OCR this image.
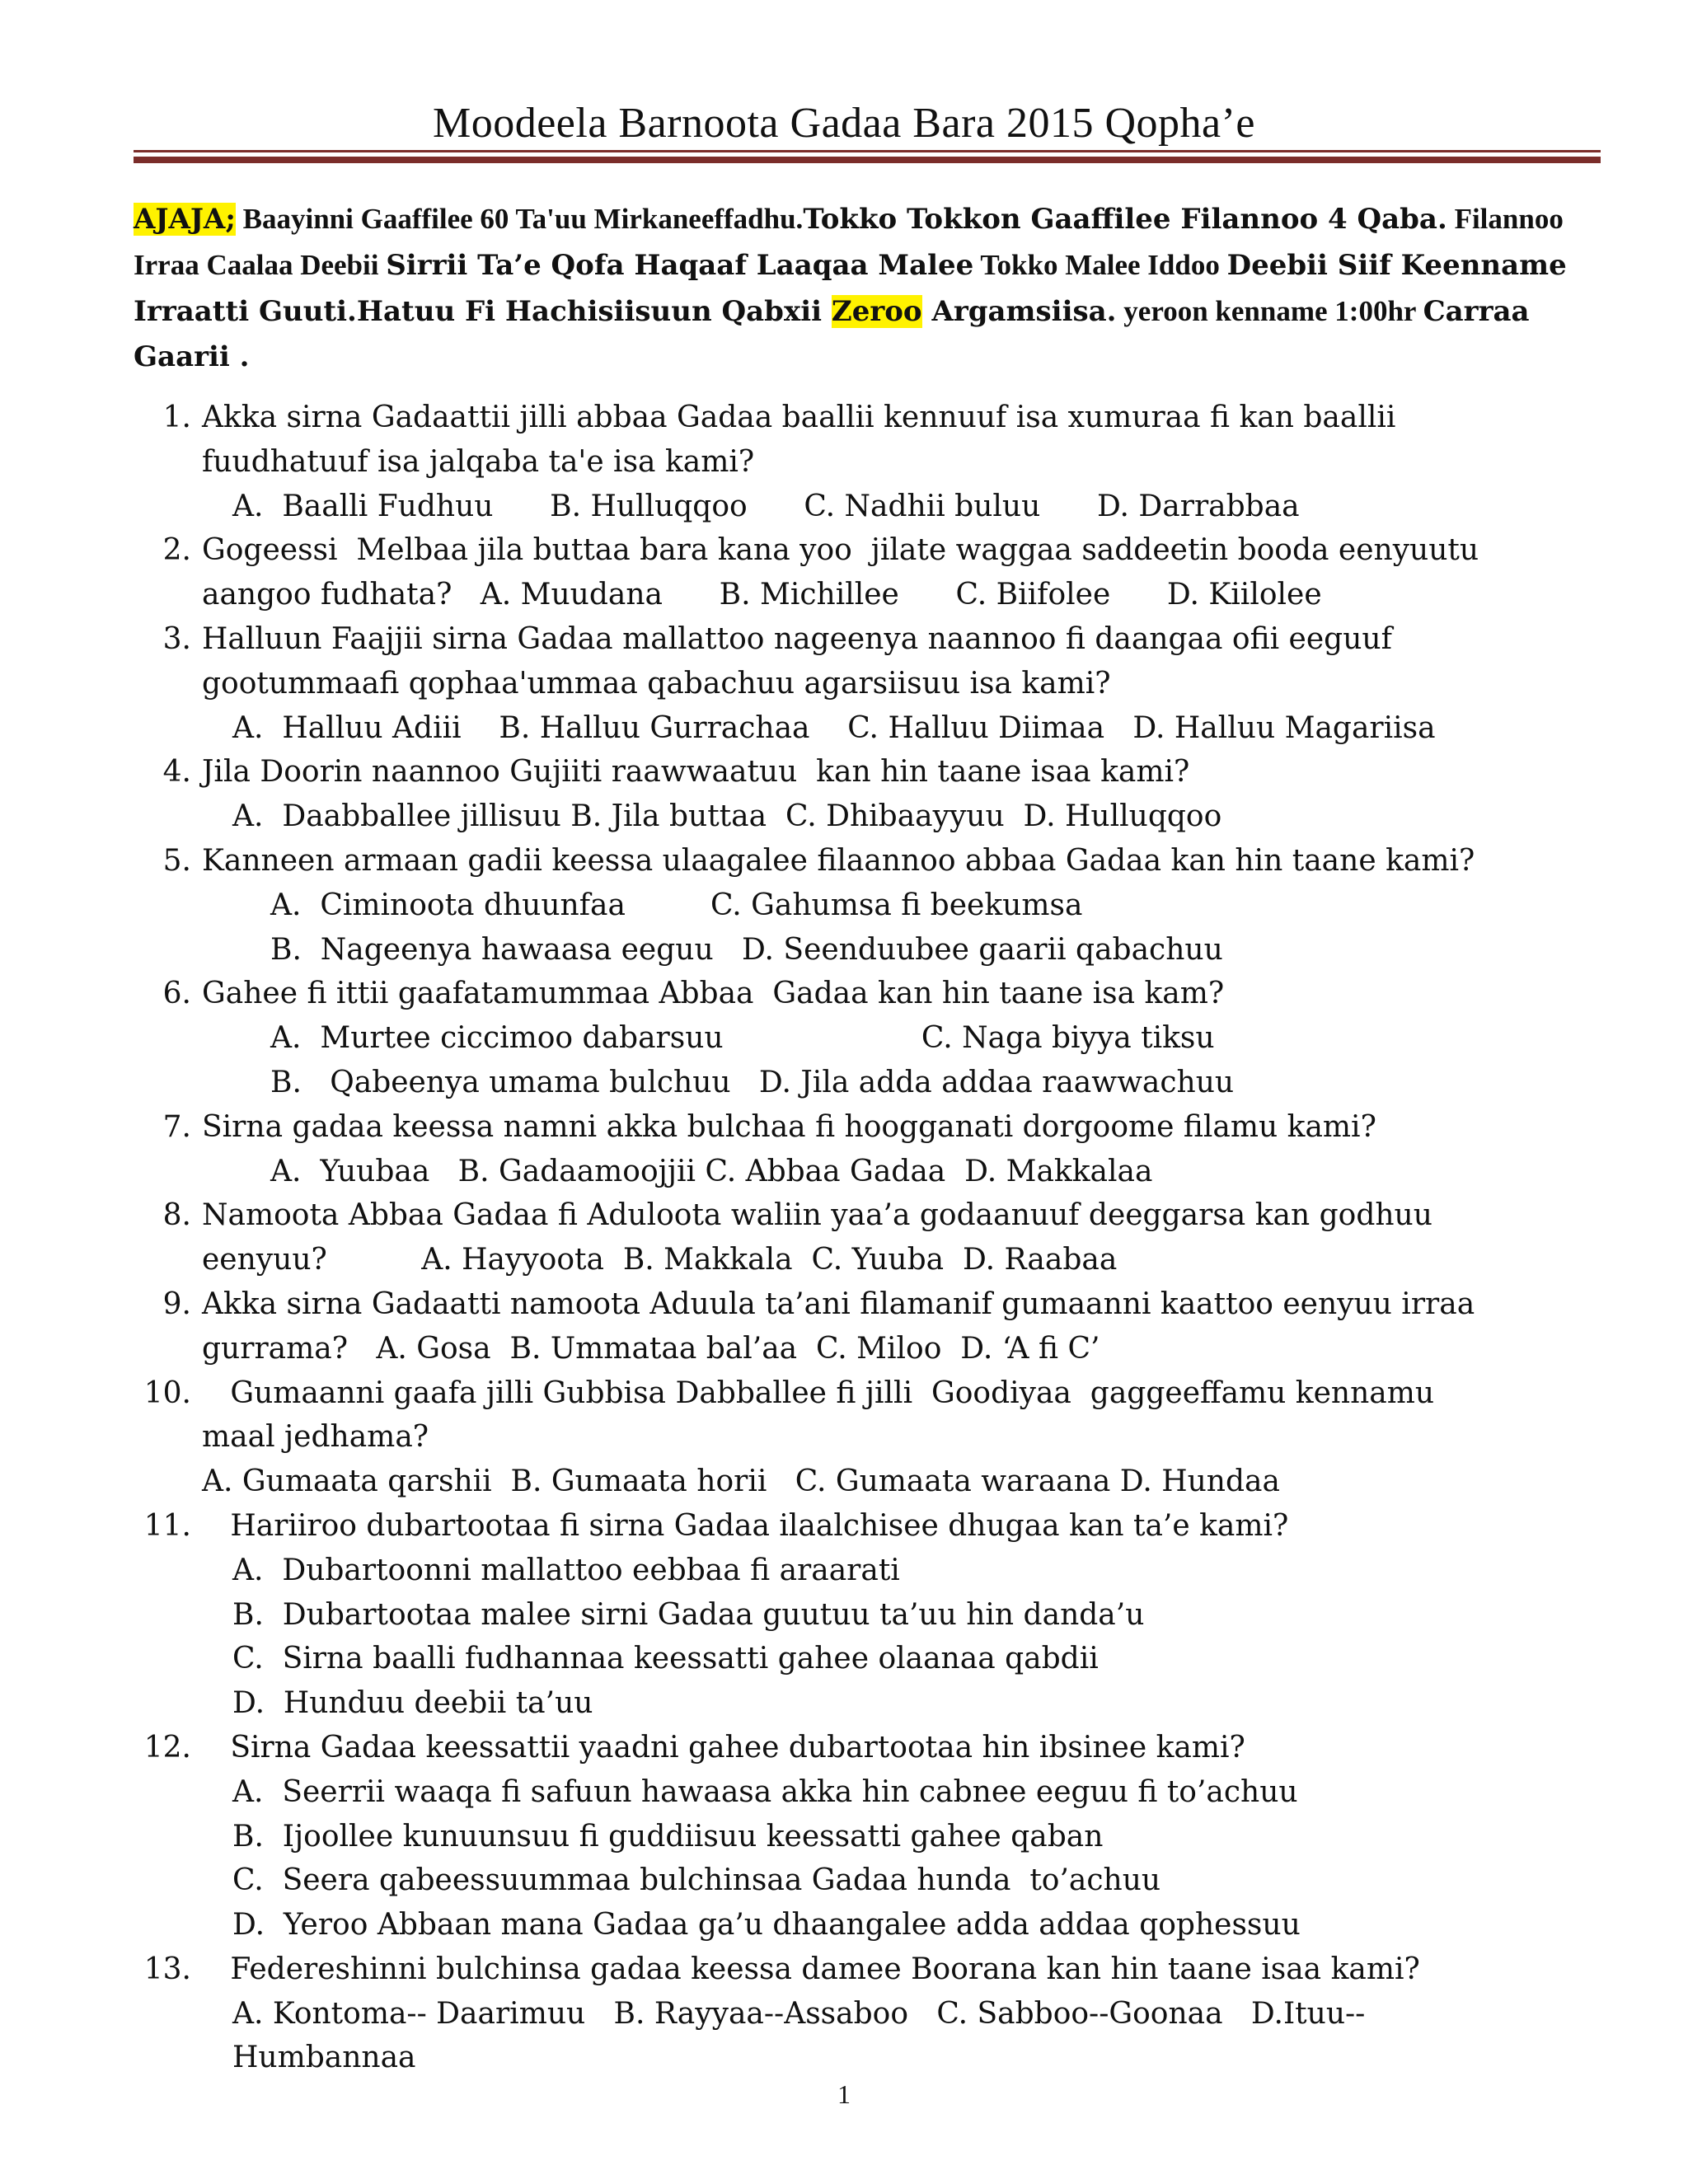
Moodeela Barnoota Gadaa Bara 2015 Qopha’e
AJAJA; Baayinni Gaaffilee 60 Ta'uu Mirkaneeffadhu.Tokko Tokkon Gaaffilee Filannoo 4 Qaba. Filannoo Irraa Caalaa Deebii Sirrii Ta’e Qofa Haqaaf Laaqaa Malee Tokko Malee Iddoo Deebii Siif Keenname Irraatti Guuti.Hatuu Fi Hachisiisuun Qabxii Zeroo Argamsiisa. yeroon kenname 1:00hr Carraa Gaarii .
1. Akka sirna Gadaattii jilli abbaa Gadaa baallii kennuuf isa xumuraa fi kan baallii
fuudhatuuf isa jalqaba ta'e isa kami?
A.  Baalli Fudhuu      B. Hulluqqoo      C. Nadhii buluu      D. Darrabbaa
2. Gogeessi  Melbaa jila buttaa bara kana yoo  jilate waggaa saddeetin booda eenyuutu
aangoo fudhata?   A. Muudana      B. Michillee      C. Biifolee      D. Kiilolee
3. Halluun Faajjii sirna Gadaa mallattoo nageenya naannoo fi daangaa ofii eeguuf
gootummaafi qophaa'ummaa qabachuu agarsiisuu isa kami?
A.  Halluu Adiii    B. Halluu Gurrachaa    C. Halluu Diimaa   D. Halluu Magariisa
4. Jila Doorin naannoo Gujiiti raawwaatuu  kan hin taane isaa kami?
A.  Daabballee jillisuu B. Jila buttaa  C. Dhibaayyuu  D. Hulluqqoo
5. Kanneen armaan gadii keessa ulaagalee filaannoo abbaa Gadaa kan hin taane kami?
A.  Ciminoota dhuunfaa         C. Gahumsa fi beekumsa
B.  Nageenya hawaasa eeguu   D. Seenduubee gaarii qabachuu
6. Gahee fi ittii gaafatamummaa Abbaa  Gadaa kan hin taane isa kam?
A.  Murtee ciccimoo dabarsuu                     C. Naga biyya tiksu
B.   Qabeenya umama bulchuu   D. Jila adda addaa raawwachuu
7. Sirna gadaa keessa namni akka bulchaa fi hoogganati dorgoome filamu kami?
A.  Yuubaa   B. Gadaamoojjii C. Abbaa Gadaa  D. Makkalaa
8. Namoota Abbaa Gadaa fi Aduloota waliin yaa’a godaanuuf deeggarsa kan godhuu
eenyuu?          A. Hayyoota  B. Makkala  C. Yuuba  D. Raabaa
9. Akka sirna Gadaatti namoota Aduula ta’ani filamanif gumaanni kaattoo eenyuu irraa
gurrama?   A. Gosa  B. Ummataa bal’aa  C. Miloo  D. ‘A fi C’
10. Gumaanni gaafa jilli Gubbisa Dabballee fi jilli  Goodiyaa  gaggeeffamu kennamu
maal jedhama?
A. Gumaata qarshii  B. Gumaata horii   C. Gumaata waraana D. Hundaa
11. Hariiroo dubartootaa fi sirna Gadaa ilaalchisee dhugaa kan ta’e kami?
A.  Dubartoonni mallattoo eebbaa fi araarati
B.  Dubartootaa malee sirni Gadaa guutuu ta’uu hin danda’u
C.  Sirna baalli fudhannaa keessatti gahee olaanaa qabdii
D.  Hunduu deebii ta’uu
12. Sirna Gadaa keessattii yaadni gahee dubartootaa hin ibsinee kami?
A.  Seerrii waaqa fi safuun hawaasa akka hin cabnee eeguu fi to’achuu
B.  Ijoollee kunuunsuu fi guddiisuu keessatti gahee qaban
C.  Seera qabeessuummaa bulchinsaa Gadaa hunda  to’achuu
D.  Yeroo Abbaan mana Gadaa ga’u dhaangalee adda addaa qophessuu
13. Federeshinni bulchinsa gadaa keessa damee Boorana kan hin taane isaa kami?
A. Kontoma-- Daarimuu   B. Rayyaa--Assaboo   C. Sabboo--Goonaa   D.Ituu--
Humbannaa
1
